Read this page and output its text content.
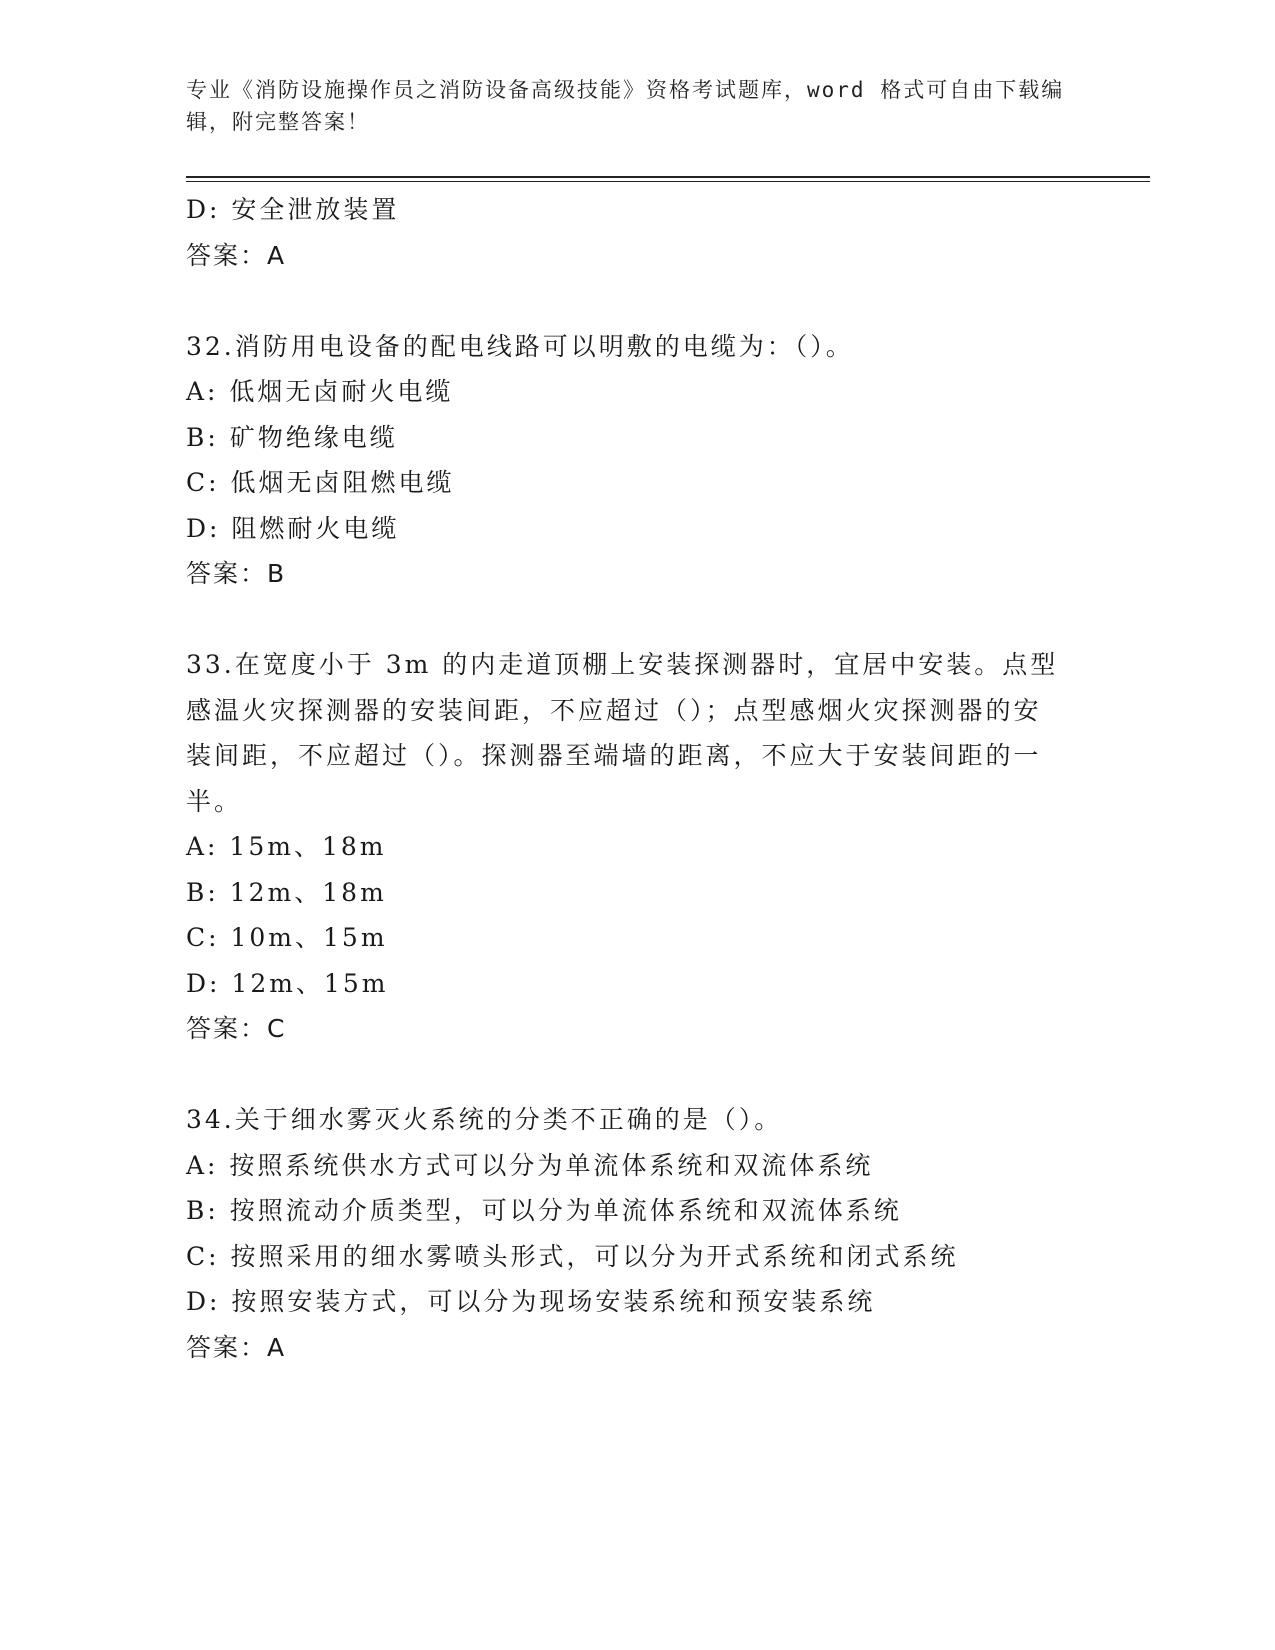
专业《消防设施操作员之消防设备高级技能》资格考试题库，word 格式可自由下载编辑，附完整答案！
D: 安全泄放装置
答案：A
32.消防用电设备的配电线路可以明敷的电缆为：（）。
A: 低烟无卤耐火电缆
B: 矿物绝缘电缆
C: 低烟无卤阻燃电缆
D: 阻燃耐火电缆
答案：B
33.在宽度小于 3m 的内走道顶棚上安装探测器时，宜居中安装。点型感温火灾探测器的安装间距，不应超过（）；点型感烟火灾探测器的安装间距，不应超过（）。探测器至端墙的距离，不应大于安装间距的一半。
A: 15m、18m
B: 12m、18m
C: 10m、15m
D: 12m、15m
答案：C
34.关于细水雾灭火系统的分类不正确的是（）。
A: 按照系统供水方式可以分为单流体系统和双流体系统
B: 按照流动介质类型，可以分为单流体系统和双流体系统
C: 按照采用的细水雾喷头形式，可以分为开式系统和闭式系统
D: 按照安装方式，可以分为现场安装系统和预安装系统
答案：A
